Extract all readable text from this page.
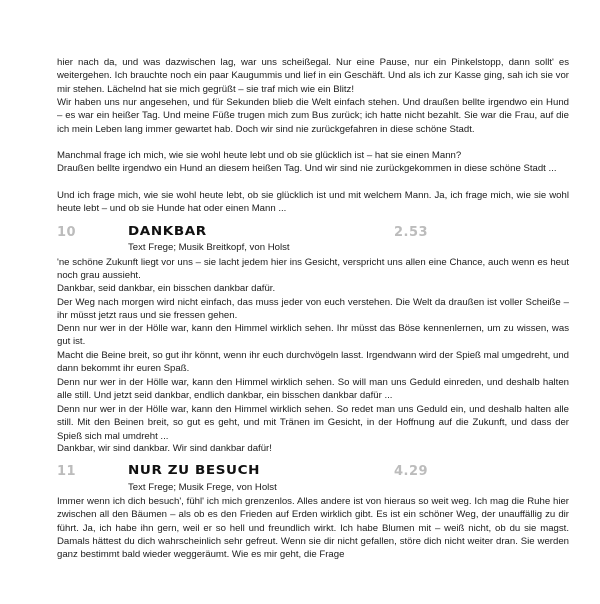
hier nach da, und was dazwischen lag, war uns scheißegal. Nur eine Pause, nur ein Pinkelstopp, dann sollt' es weitergehen. Ich brauchte noch ein paar Kaugummis und lief in ein Geschäft. Und als ich zur Kasse ging, sah ich sie vor mir stehen. Lächelnd hat sie mich gegrüßt – sie traf mich wie ein Blitz!
Wir haben uns nur angesehen, und für Sekunden blieb die Welt einfach stehen. Und draußen bellte irgendwo ein Hund – es war ein heißer Tag. Und meine Füße trugen mich zum Bus zurück; ich hatte nicht bezahlt. Sie war die Frau, auf die ich mein Leben lang immer gewartet hab. Doch wir sind nie zurückgefahren in diese schöne Stadt.
Manchmal frage ich mich, wie sie wohl heute lebt und ob sie glücklich ist – hat sie einen Mann?
Draußen bellte irgendwo ein Hund an diesem heißen Tag. Und wir sind nie zurückgekommen in diese schöne Stadt ...
Und ich frage mich, wie sie wohl heute lebt, ob sie glücklich ist und mit welchem Mann. Ja, ich frage mich, wie sie wohl heute lebt – und ob sie Hunde hat oder einen Mann ...
10	DANKBAR	2.53
Text Frege; Musik Breitkopf, von Holst
'ne schöne Zukunft liegt vor uns – sie lacht jedem hier ins Gesicht, verspricht uns allen eine Chance, auch wenn es heut noch grau aussieht.
Dankbar, seid dankbar, ein bisschen dankbar dafür.
Der Weg nach morgen wird nicht einfach, das muss jeder von euch verstehen. Die Welt da draußen ist voller Scheiße – ihr müsst jetzt raus und sie fressen gehen.
Denn nur wer in der Hölle war, kann den Himmel wirklich sehen. Ihr müsst das Böse kennenlernen, um zu wissen, was gut ist.
Macht die Beine breit, so gut ihr könnt, wenn ihr euch durchvögeln lasst. Irgendwann wird der Spieß mal umgedreht, und dann bekommt ihr euren Spaß.
Denn nur wer in der Hölle war, kann den Himmel wirklich sehen. So will man uns Geduld einreden, und deshalb halten alle still. Und jetzt seid dankbar, endlich dankbar, ein bisschen dankbar dafür ...
Denn nur wer in der Hölle war, kann den Himmel wirklich sehen. So redet man uns Geduld ein, und deshalb halten alle still. Mit den Beinen breit, so gut es geht, und mit Tränen im Gesicht, in der Hoffnung auf die Zukunft, und dass der Spieß sich mal umdreht ...
Dankbar, wir sind dankbar. Wir sind dankbar dafür!
11	NUR ZU BESUCH	4.29
Text Frege; Musik Frege, von Holst
Immer wenn ich dich besuch', fühl' ich mich grenzenlos. Alles andere ist von hieraus so weit weg. Ich mag die Ruhe hier zwischen all den Bäumen – als ob es den Frieden auf Erden wirklich gibt. Es ist ein schöner Weg, der unauffällig zu dir führt. Ja, ich habe ihn gern, weil er so hell und freundlich wirkt. Ich habe Blumen mit – weiß nicht, ob du sie magst. Damals hättest du dich wahrscheinlich sehr gefreut. Wenn sie dir nicht gefallen, störe dich nicht weiter dran. Sie werden ganz bestimmt bald wieder weggeräumt. Wie es mir geht, die Frage
